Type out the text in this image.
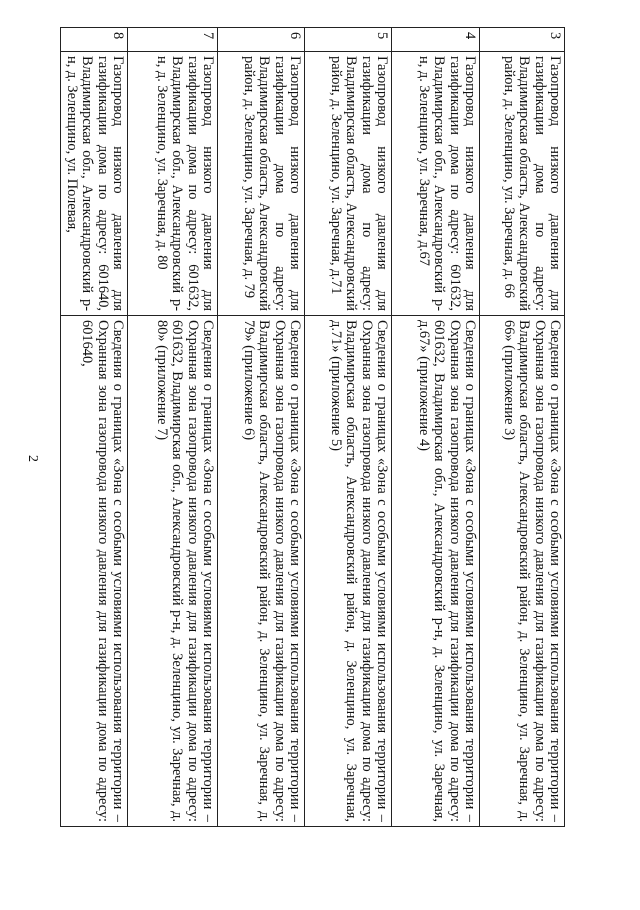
2
3	Газопровод низкого давления для газификации дома по адресу: Владимирская область, Александровский район, д. Зеленцино, ул. Заречная, д. 66	Сведения о границах «Зона с особыми условиями использования территории – Охранная зона газопровода низкого давления для газификации дома по адресу: Владимирская область, Александровский район, д. Зеленцино, ул. Заречная, д. 66» (приложение 3)
4	Газопровод низкого давления для газификации дома по адресу: 601632, Владимирская обл., Александровский р-н, д. Зеленцино, ул. Заречная, д.67	Сведения о границах «Зона с особыми условиями использования территории – Охранная зона газопровода низкого давления для газификации дома по адресу: 601632, Владимирская обл., Александровский р-н, д. Зеленцино, ул. Заречная, д.67» (приложение 4)
5	Газопровод низкого давления для газификации дома по адресу: Владимирская область, Александровский район, д. Зеленцино, ул. Заречная, д.71	Сведения о границах «Зона с особыми условиями использования территории – Охранная зона газопровода низкого давления для газификации дома по адресу: Владимирская область, Александровский район, д. Зеленцино, ул. Заречная, д.71» (приложение 5)
6	Газопровод низкого давления для газификации дома по адресу: Владимирская область, Александровский район, д. Зеленцино, ул. Заречная, д. 79	Сведения о границах «Зона с особыми условиями использования территории – Охранная зона газопровода низкого давления для газификации дома по адресу: Владимирская область, Александровский район, д. Зеленцино, ул. Заречная, д. 79» (приложение 6)
7	Газопровод низкого давления для газификации дома по адресу: 601632, Владимирская обл., Александровский р-н, д. Зеленцино, ул. Заречная, д. 80	Сведения о границах «Зона с особыми условиями использования территории – Охранная зона газопровода низкого давления для газификации дома по адресу: 601632, Владимирская обл., Александровский р-н, д. Зеленцино, ул. Заречная, д. 80» (приложение 7)
8	Газопровод низкого давления для газификации дома по адресу: 601640, Владимирская обл., Александровский р-н, д. Зеленцино, ул. Полевая,	Сведения о границах «Зона с особыми условиями использования территории – Охранная зона газопровода низкого давления для газификации дома по адресу: 601640,
